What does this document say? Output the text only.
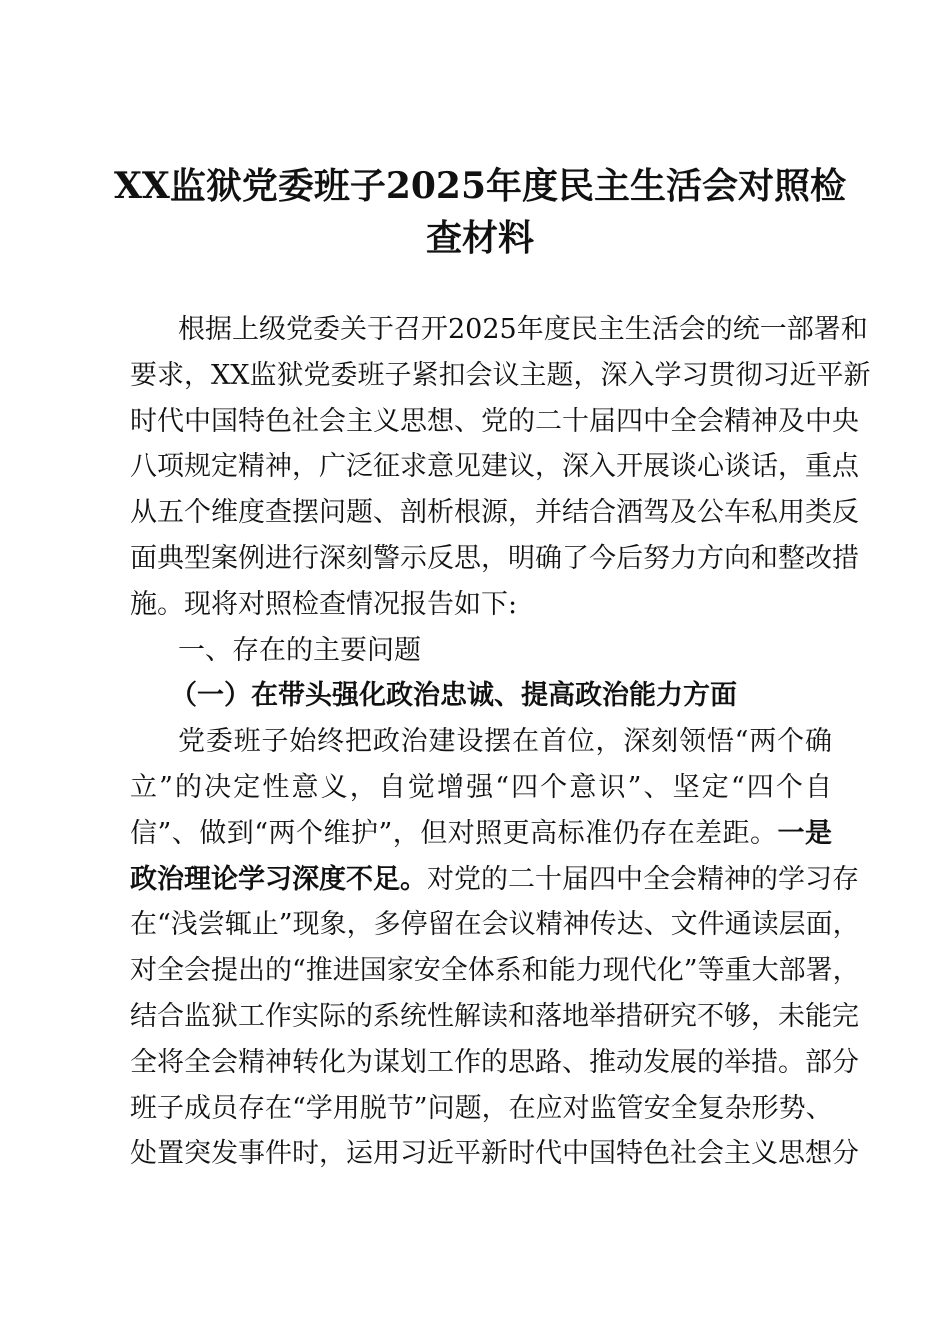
XX监狱党委班子2025年度民主生活会对照检
查材料
根据上级党委关于召开2025年度民主生活会的统一部署和
要求，XX监狱党委班子紧扣会议主题，深入学习贯彻习近平新
时代中国特色社会主义思想、党的二十届四中全会精神及中央
八项规定精神，广泛征求意见建议，深入开展谈心谈话，重点
从五个维度查摆问题、剖析根源，并结合酒驾及公车私用类反
面典型案例进行深刻警示反思，明确了今后努力方向和整改措
施。现将对照检查情况报告如下:
一、存在的主要问题
（一）在带头强化政治忠诚、提高政治能力方面
党委班子始终把政治建设摆在首位，深刻领悟“两个确
立”的决定性意义，自觉增强“四个意识”、坚定“四个自
信”、做到“两个维护”，但对照更高标准仍存在差距。一是
政治理论学习深度不足。对党的二十届四中全会精神的学习存
在“浅尝辄止”现象，多停留在会议精神传达、文件通读层面，
对全会提出的“推进国家安全体系和能力现代化”等重大部署，
结合监狱工作实际的系统性解读和落地举措研究不够，未能完
全将全会精神转化为谋划工作的思路、推动发展的举措。部分
班子成员存在“学用脱节”问题，在应对监管安全复杂形势、
处置突发事件时，运用习近平新时代中国特色社会主义思想分
